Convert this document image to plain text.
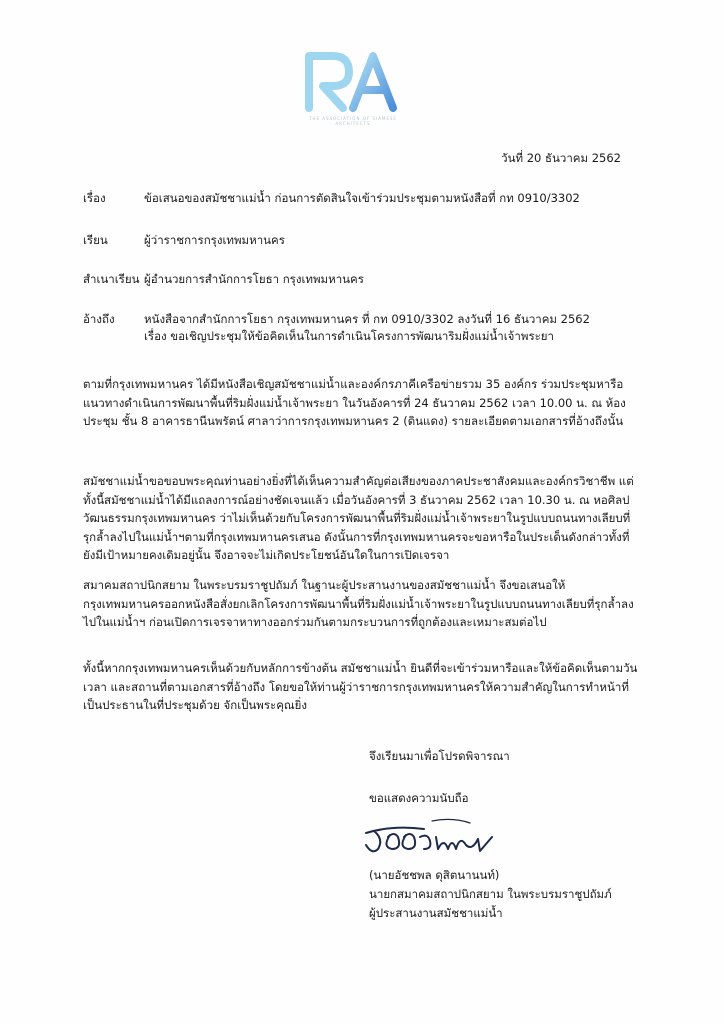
THE ASSOCIATION OF SIAMESE ARCHITECTS
วันที่ 20 ธันวาคม 2562
เรื่อง	ข้อเสนอของสมัชชาแม่น้ำ ก่อนการตัดสินใจเข้าร่วมประชุมตามหนังสือที่ กท 0910/3302
เรียน	ผู้ว่าราชการกรุงเทพมหานคร
สำเนาเรียน ผู้อำนวยการสำนักการโยธา กรุงเทพมหานคร
อ้างถึง	หนังสือจากสำนักการโยธา กรุงเทพมหานคร ที่ กท 0910/3302 ลงวันที่ 16 ธันวาคม 2562
เรื่อง ขอเชิญประชุมให้ข้อคิดเห็นในการดำเนินโครงการพัฒนาริมฝั่งแม่น้ำเจ้าพระยา
ตามที่กรุงเทพมหานคร ได้มีหนังสือเชิญสมัชชาแม่น้ำและองค์กรภาคีเครือข่ายรวม 35 องค์กร ร่วมประชุมหารือแนวทางดำเนินการพัฒนาพื้นที่ริมฝั่งแม่น้ำเจ้าพระยา ในวันอังคารที่ 24 ธันวาคม 2562 เวลา 10.00 น. ณ ห้องประชุม ชั้น 8 อาคารธานีนพรัตน์ ศาลาว่าการกรุงเทพมหานคร 2 (ดินแดง) รายละเอียดตามเอกสารที่อ้างถึงนั้น
สมัชชาแม่น้ำขอขอบพระคุณท่านอย่างยิ่งที่ได้เห็นความสำคัญต่อเสียงของภาคประชาสังคมและองค์กรวิชาชีพ แต่ทั้งนี้สมัชชาแม่น้ำได้มีแถลงการณ์อย่างชัดเจนแล้ว เมื่อวันอังคารที่ 3 ธันวาคม 2562 เวลา 10.30 น. ณ หอศิลปวัฒนธรรมกรุงเทพมหานคร ว่าไม่เห็นด้วยกับโครงการพัฒนาพื้นที่ริมฝั่งแม่น้ำเจ้าพระยาในรูปแบบถนนทางเลียบที่รุกล้ำลงไปในแม่น้ำฯตามที่กรุงเทพมหานครเสนอ ดังนั้นการที่กรุงเทพมหานครจะขอหารือในประเด็นดังกล่าวทั้งที่ยังมีเป้าหมายคงเดิมอยู่นั้น จึงอาจจะไม่เกิดประโยชน์อันใดในการเปิดเจรจา
สมาคมสถาปนิกสยาม ในพระบรมราชูปถัมภ์ ในฐานะผู้ประสานงานของสมัชชาแม่น้ำ จึงขอเสนอให้กรุงเทพมหานครออกหนังสือสั่งยกเลิกโครงการพัฒนาพื้นที่ริมฝั่งแม่น้ำเจ้าพระยาในรูปแบบถนนทางเลียบที่รุกล้ำลงไปในแม่น้ำฯ ก่อนเปิดการเจรจาหาทางออกร่วมกันตามกระบวนการที่ถูกต้องและเหมาะสมต่อไป
ทั้งนี้หากกรุงเทพมหานครเห็นด้วยกับหลักการข้างต้น สมัชชาแม่น้ำ ยินดีที่จะเข้าร่วมหารือและให้ข้อคิดเห็นตามวันเวลา และสถานที่ตามเอกสารที่อ้างถึง โดยขอให้ท่านผู้ว่าราชการกรุงเทพมหานครให้ความสำคัญในการทำหน้าที่เป็นประธานในที่ประชุมด้วย จักเป็นพระคุณยิ่ง
จึงเรียนมาเพื่อโปรดพิจารณา
ขอแสดงความนับถือ
(นายอัชชพล ดุสิตนานนท์)
นายกสมาคมสถาปนิกสยาม ในพระบรมราชูปถัมภ์
ผู้ประสานงานสมัชชาแม่น้ำ
